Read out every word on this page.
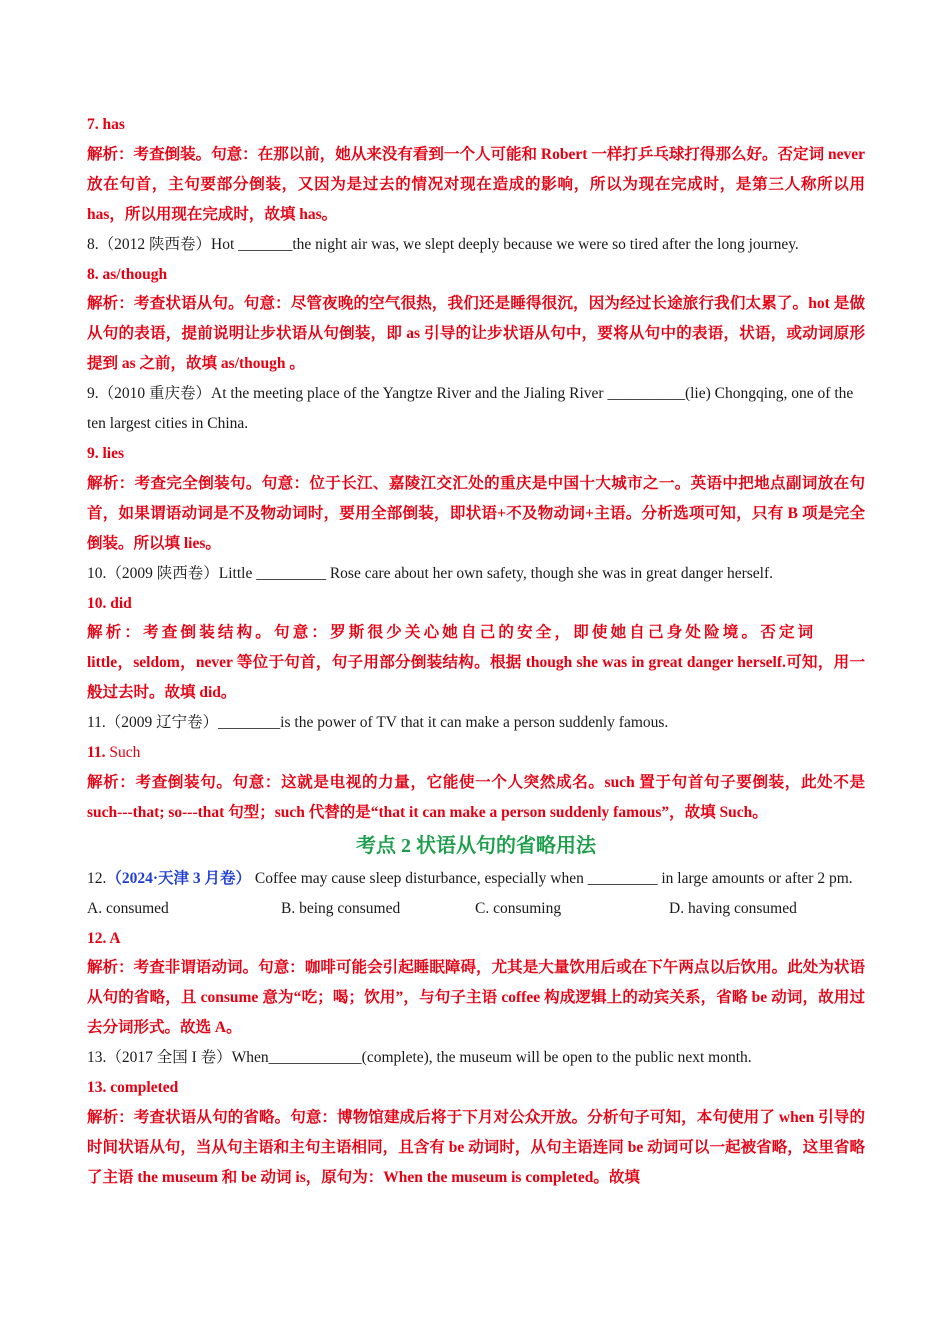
7. has

解析：考查倒装。句意：在那以前，她从来没有看到一个人可能和 Robert 一样打乒乓球打得那么好。否定词 never 放在句首，主句要部分倒装，又因为是过去的情况对现在造成的影响，所以为现在完成时，是第三人称所以用 has，所以用现在完成时，故填 has。

8.（2012 陕西卷）Hot _______the night air was, we slept deeply because we were so tired after the long journey.

8. as/though

解析：考查状语从句。句意：尽管夜晚的空气很热，我们还是睡得很沉，因为经过长途旅行我们太累了。hot 是做从句的表语，提前说明让步状语从句倒装，即 as 引导的让步状语从句中，要将从句中的表语，状语，或动词原形提到 as 之前，故填 as/though 。

9.（2010 重庆卷）At the meeting place of the Yangtze River and the Jialing River __________(lie) Chongqing, one of the ten largest cities in China.

9. lies

解析：考查完全倒装句。句意：位于长江、嘉陵江交汇处的重庆是中国十大城市之一。英语中把地点副词放在句首，如果谓语动词是不及物动词时，要用全部倒装，即状语+不及物动词+主语。分析选项可知，只有 B 项是完全倒装。所以填 lies。

10.（2009 陕西卷）Little _________ Rose care about her own safety, though she was in great danger herself.

10. did

解析：考查倒装结构。句意：罗斯很少关心她自己的安全，即使她自己身处险境。否定词

little，seldom，never 等位于句首，句子用部分倒装结构。根据 though she was in great danger herself.可知，用一般过去时。故填 did。

11.（2009 辽宁卷）________is the power of TV that it can make a person suddenly famous.

11. Such

解析：考查倒装句。句意：这就是电视的力量，它能使一个人突然成名。such 置于句首句子要倒装，此处不是 such---that; so---that 句型；such 代替的是“that it can make a person suddenly famous”，故填 Such。

考点 2 状语从句的省略用法

12.（2024·天津 3 月卷） Coffee may cause sleep disturbance, especially when _________ in large amounts or after 2 pm.

A. consumed	B. being consumed	C. consuming	D. having consumed

12. A

解析：考查非谓语动词。句意：咖啡可能会引起睡眠障碍，尤其是大量饮用后或在下午两点以后饮用。此处为状语从句的省略，且 consume 意为“吃；喝；饮用”，与句子主语 coffee 构成逻辑上的动宾关系，省略 be 动词，故用过去分词形式。故选 A。

13.（2017 全国 I 卷）When____________(complete), the museum will be open to the public next month.

13. completed

解析：考查状语从句的省略。句意：博物馆建成后将于下月对公众开放。分析句子可知，本句使用了 when 引导的时间状语从句，当从句主语和主句主语相同，且含有 be 动词时，从句主语连同 be 动词可以一起被省略，这里省略了主语 the museum 和 be 动词 is，原句为：When the museum is completed。故填
